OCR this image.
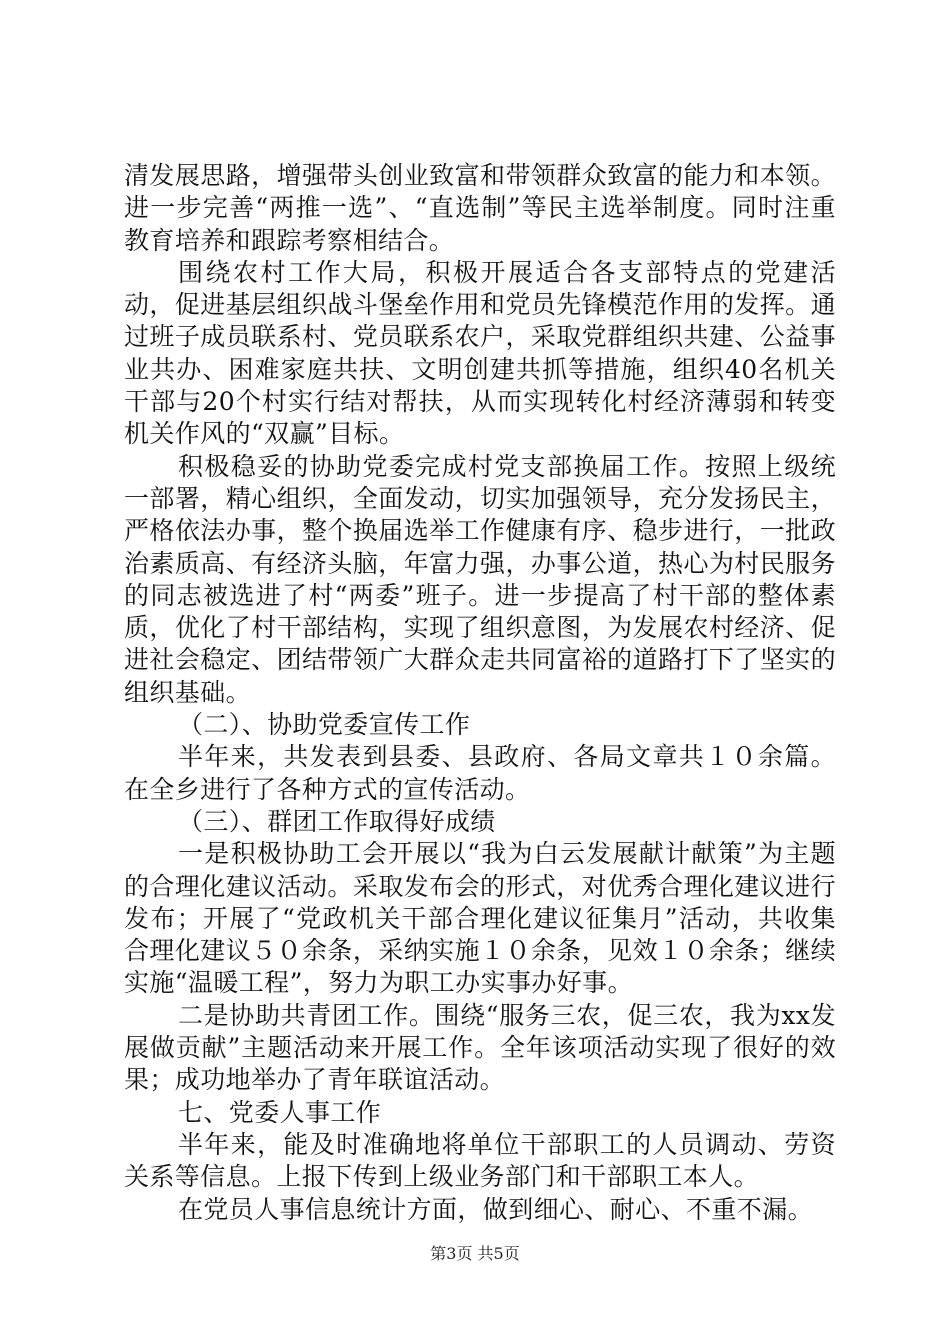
清发展思路，增强带头创业致富和带领群众致富的能力和本领。进一步完善“两推一选”、“直选制”等民主选举制度。同时注重教育培养和跟踪考察相结合。

围绕农村工作大局，积极开展适合各支部特点的党建活动，促进基层组织战斗堡垒作用和党员先锋模范作用的发挥。通过班子成员联系村、党员联系农户，采取党群组织共建、公益事业共办、困难家庭共扶、文明创建共抓等措施，组织40名机关干部与20个村实行结对帮扶，从而实现转化村经济薄弱和转变机关作风的“双赢”目标。

积极稳妥的协助党委完成村党支部换届工作。按照上级统一部署，精心组织，全面发动，切实加强领导，充分发扬民主，严格依法办事，整个换届选举工作健康有序、稳步进行，一批政治素质高、有经济头脑，年富力强，办事公道，热心为村民服务的同志被选进了村“两委”班子。进一步提高了村干部的整体素质，优化了村干部结构，实现了组织意图，为发展农村经济、促进社会稳定、团结带领广大群众走共同富裕的道路打下了坚实的组织基础。

（二）、协助党委宣传工作

半年来，共发表到县委、县政府、各局文章共１０余篇。在全乡进行了各种方式的宣传活动。

（三）、群团工作取得好成绩

一是积极协助工会开展以“我为白云发展献计献策”为主题的合理化建议活动。采取发布会的形式，对优秀合理化建议进行发布；开展了“党政机关干部合理化建议征集月”活动，共收集合理化建议５０余条，采纳实施１０余条，见效１０余条；继续实施“温暖工程”，努力为职工办实事办好事。

二是协助共青团工作。围绕“服务三农，促三农，我为xx发展做贡献”主题活动来开展工作。全年该项活动实现了很好的效果；成功地举办了青年联谊活动。

七、党委人事工作

半年来，能及时准确地将单位干部职工的人员调动、劳资关系等信息。上报下传到上级业务部门和干部职工本人。

在党员人事信息统计方面，做到细心、耐心、不重不漏。

第3页 共5页
